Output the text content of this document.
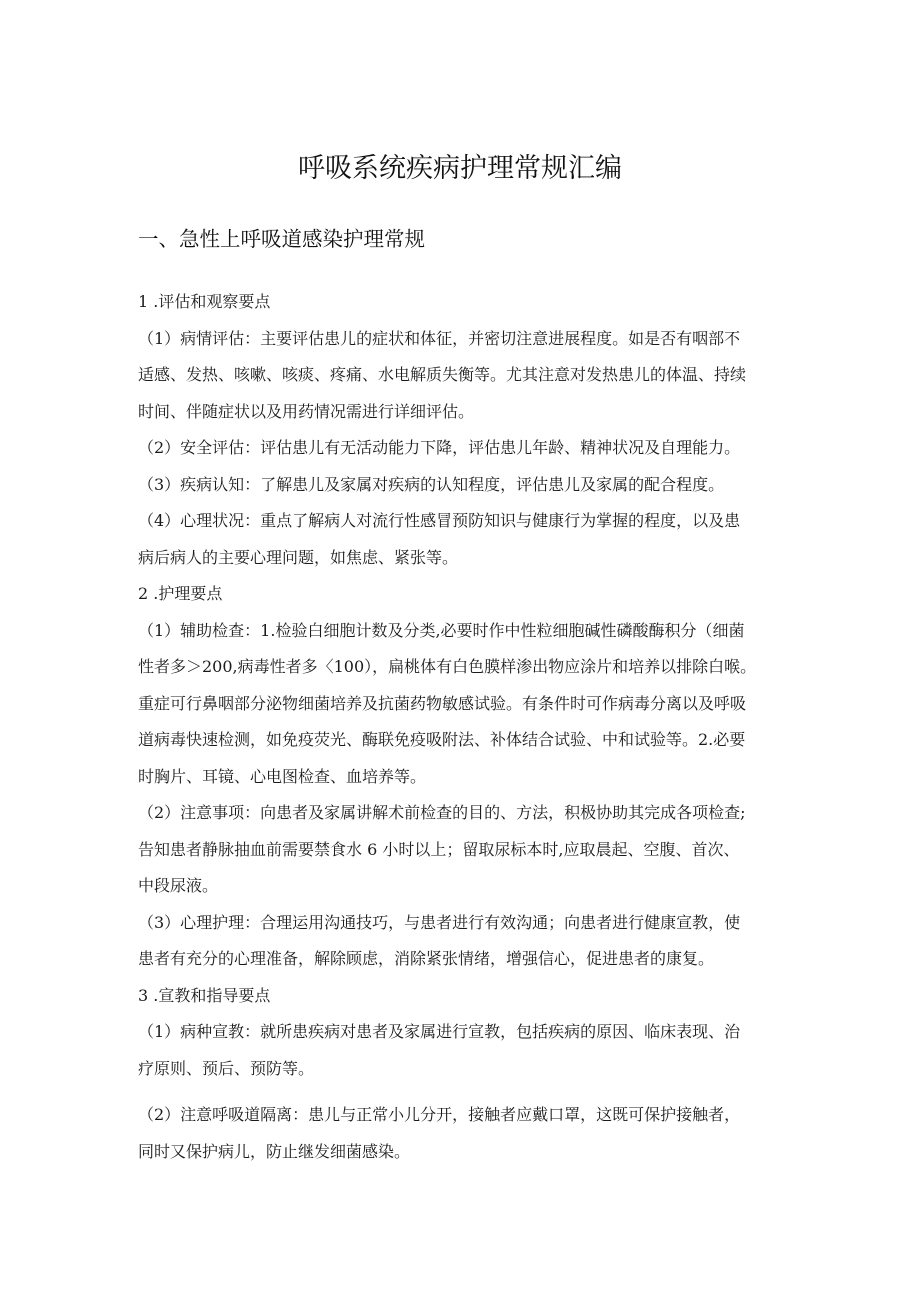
呼吸系统疾病护理常规汇编
一、急性上呼吸道感染护理常规
1 .评估和观察要点
（1）病情评估：主要评估患儿的症状和体征，并密切注意进展程度。如是否有咽部不
适感、发热、咳嗽、咳痰、疼痛、水电解质失衡等。尤其注意对发热患儿的体温、持续
时间、伴随症状以及用药情况需进行详细评估。
（2）安全评估：评估患儿有无活动能力下降，评估患儿年龄、精神状况及自理能力。
（3）疾病认知：了解患儿及家属对疾病的认知程度，评估患儿及家属的配合程度。
（4）心理状况：重点了解病人对流行性感冒预防知识与健康行为掌握的程度，以及患
病后病人的主要心理问题，如焦虑、紧张等。
2 .护理要点
（1）辅助检查：1.检验白细胞计数及分类,必要时作中性粒细胞碱性磷酸酶积分（细菌
性者多＞200,病毒性者多〈100），扁桃体有白色膜样渗出物应涂片和培养以排除白喉。
重症可行鼻咽部分泌物细菌培养及抗菌药物敏感试验。有条件时可作病毒分离以及呼吸
道病毒快速检测，如免疫荧光、酶联免疫吸附法、补体结合试验、中和试验等。2.必要
时胸片、耳镜、心电图检查、血培养等。
（2）注意事项：向患者及家属讲解术前检查的目的、方法，积极协助其完成各项检查;
告知患者静脉抽血前需要禁食水 6 小时以上；留取尿标本时,应取晨起、空腹、首次、
中段尿液。
（3）心理护理：合理运用沟通技巧，与患者进行有效沟通；向患者进行健康宣教，使
患者有充分的心理准备，解除顾虑，消除紧张情绪，增强信心，促进患者的康复。
3 .宣教和指导要点
（1）病种宣教：就所患疾病对患者及家属进行宣教，包括疾病的原因、临床表现、治
疗原则、预后、预防等。
（2）注意呼吸道隔离：患儿与正常小儿分开，接触者应戴口罩，这既可保护接触者，
同时又保护病儿，防止继发细菌感染。
